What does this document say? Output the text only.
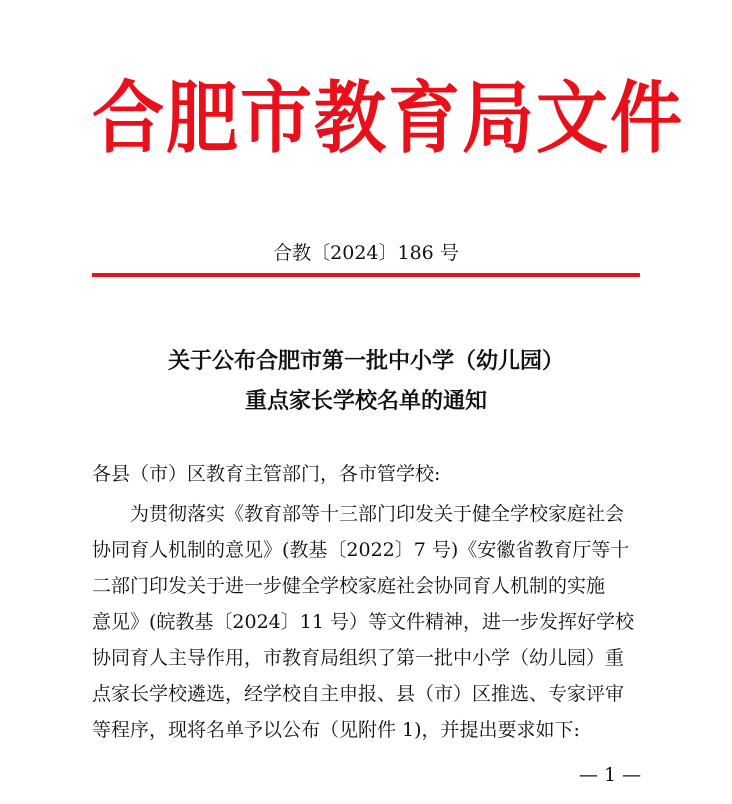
合肥市教育局文件
合教〔2024〕186 号
关于公布合肥市第一批中小学（幼儿园）
重点家长学校名单的通知
各县（市）区教育主管部门，各市管学校:
为贯彻落实《教育部等十三部门印发关于健全学校家庭社会
协同育人机制的意见》(教基〔2022〕7 号)《安徽省教育厅等十
二部门印发关于进一步健全学校家庭社会协同育人机制的实施
意见》(皖教基〔2024〕11 号）等文件精神，进一步发挥好学校
协同育人主导作用，市教育局组织了第一批中小学（幼儿园）重
点家长学校遴选，经学校自主申报、县（市）区推选、专家评审
等程序，现将名单予以公布（见附件 1)，并提出要求如下:
— 1 —
